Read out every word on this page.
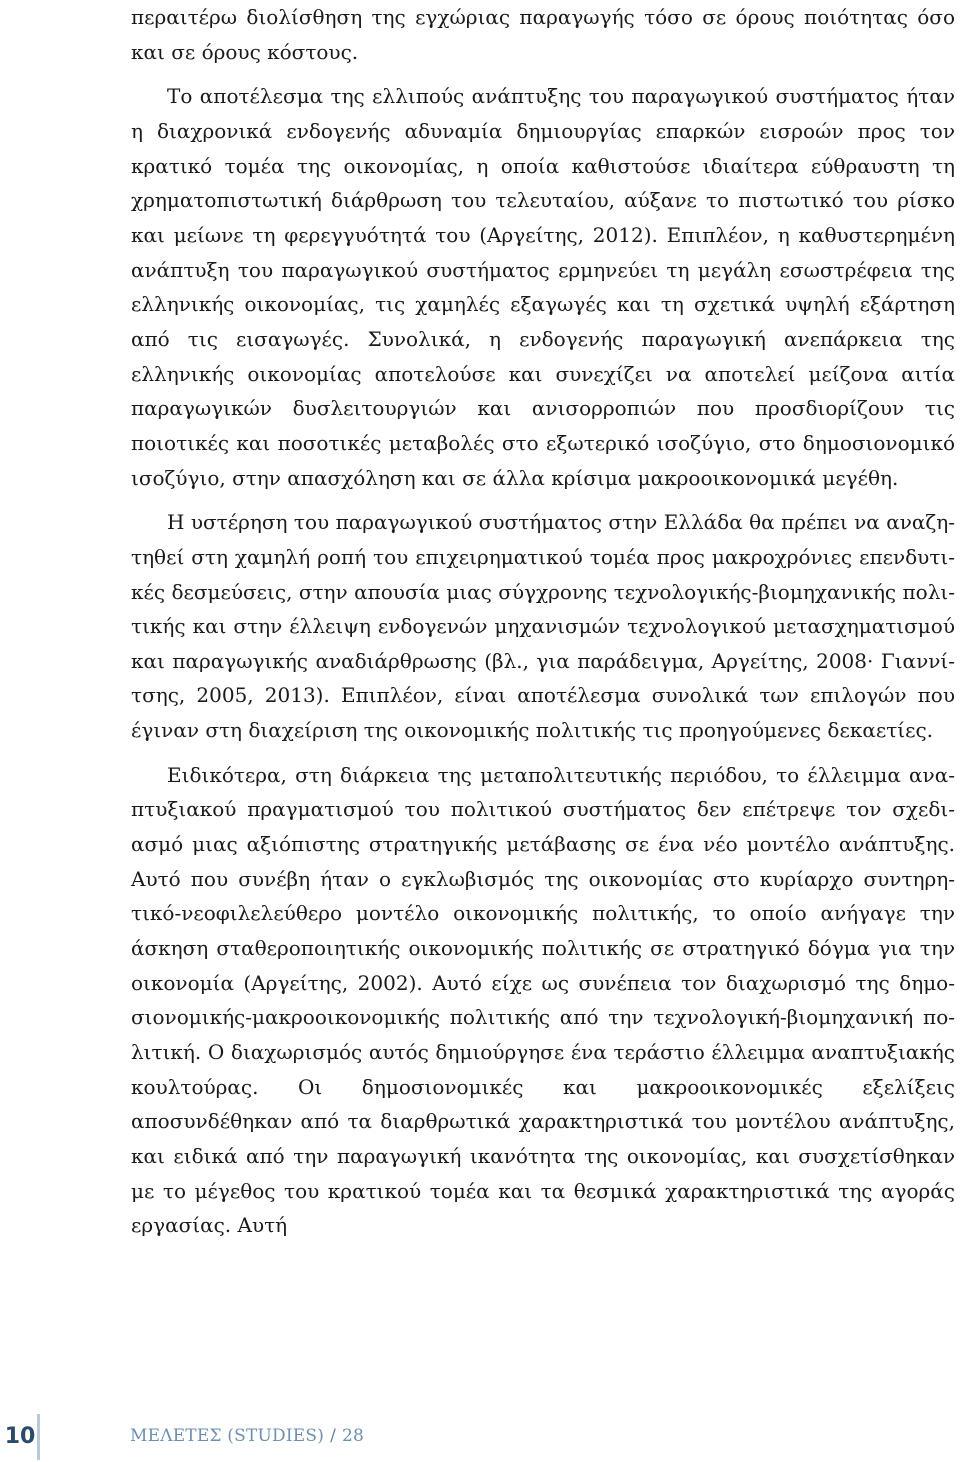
περαιτέρω διολίσθηση της εγχώριας παραγωγής τόσο σε όρους ποιότητας όσο και σε όρους κόστους.

Το αποτέλεσμα της ελλιπούς ανάπτυξης του παραγωγικού συστήματος ήταν η διαχρονικά ενδογενής αδυναμία δημιουργίας επαρκών εισροών προς τον κρατικό τομέα της οικονομίας, η οποία καθιστούσε ιδιαίτερα εύθραυστη τη χρηματοπιστωτική διάρθρωση του τελευταίου, αύξανε το πιστωτικό του ρίσκο και μείωνε τη φερεγγυότητά του (Αργείτης, 2012). Επιπλέον, η καθυστερημένη ανάπτυξη του παραγωγικού συστήματος ερμηνεύει τη μεγάλη εσωστρέφεια της ελληνικής οικονομίας, τις χαμηλές εξαγωγές και τη σχετικά υψηλή εξάρτηση από τις εισαγωγές. Συνολικά, η ενδογενής παραγωγική ανεπάρκεια της ελληνικής οικονομίας αποτελούσε και συνεχίζει να αποτελεί μείζονα αιτία παραγωγικών δυσλειτουργιών και ανισορροπιών που προσδιορίζουν τις ποιοτικές και ποσοτικές μεταβολές στο εξωτερικό ισοζύγιο, στο δημοσιονομικό ισοζύγιο, στην απασχόληση και σε άλλα κρίσιμα μακροοικονομικά μεγέθη.

Η υστέρηση του παραγωγικού συστήματος στην Ελλάδα θα πρέπει να αναζητηθεί στη χαμηλή ροπή του επιχειρηματικού τομέα προς μακροχρόνιες επενδυτικές δεσμεύσεις, στην απουσία μιας σύγχρονης τεχνολογικής-βιομηχανικής πολιτικής και στην έλλειψη ενδογενών μηχανισμών τεχνολογικού μετασχηματισμού και παραγωγικής αναδιάρθρωσης (βλ., για παράδειγμα, Αργείτης, 2008· Γιαννίτσης, 2005, 2013). Επιπλέον, είναι αποτέλεσμα συνολικά των επιλογών που έγιναν στη διαχείριση της οικονομικής πολιτικής τις προηγούμενες δεκαετίες.

Ειδικότερα, στη διάρκεια της μεταπολιτευτικής περιόδου, το έλλειμμα αναπτυξιακού πραγματισμού του πολιτικού συστήματος δεν επέτρεψε τον σχεδιασμό μιας αξιόπιστης στρατηγικής μετάβασης σε ένα νέο μοντέλο ανάπτυξης. Αυτό που συνέβη ήταν ο εγκλωβισμός της οικονομίας στο κυρίαρχο συντηρητικό-νεοφιλελεύθερο μοντέλο οικονομικής πολιτικής, το οποίο ανήγαγε την άσκηση σταθεροποιητικής οικονομικής πολιτικής σε στρατηγικό δόγμα για την οικονομία (Αργείτης, 2002). Αυτό είχε ως συνέπεια τον διαχωρισμό της δημοσιονομικής-μακροοικονομικής πολιτικής από την τεχνολογική-βιομηχανική πολιτική. Ο διαχωρισμός αυτός δημιούργησε ένα τεράστιο έλλειμμα αναπτυξιακής κουλτούρας. Οι δημοσιονομικές και μακροοικονομικές εξελίξεις αποσυνδέθηκαν από τα διαρθρωτικά χαρακτηριστικά του μοντέλου ανάπτυξης, και ειδικά από την παραγωγική ικανότητα της οικονομίας, και συσχετίσθηκαν με το μέγεθος του κρατικού τομέα και τα θεσμικά χαρακτηριστικά της αγοράς εργασίας. Αυτή

10	ΜΕΛΕΤΕΣ (STUDIES) / 28
